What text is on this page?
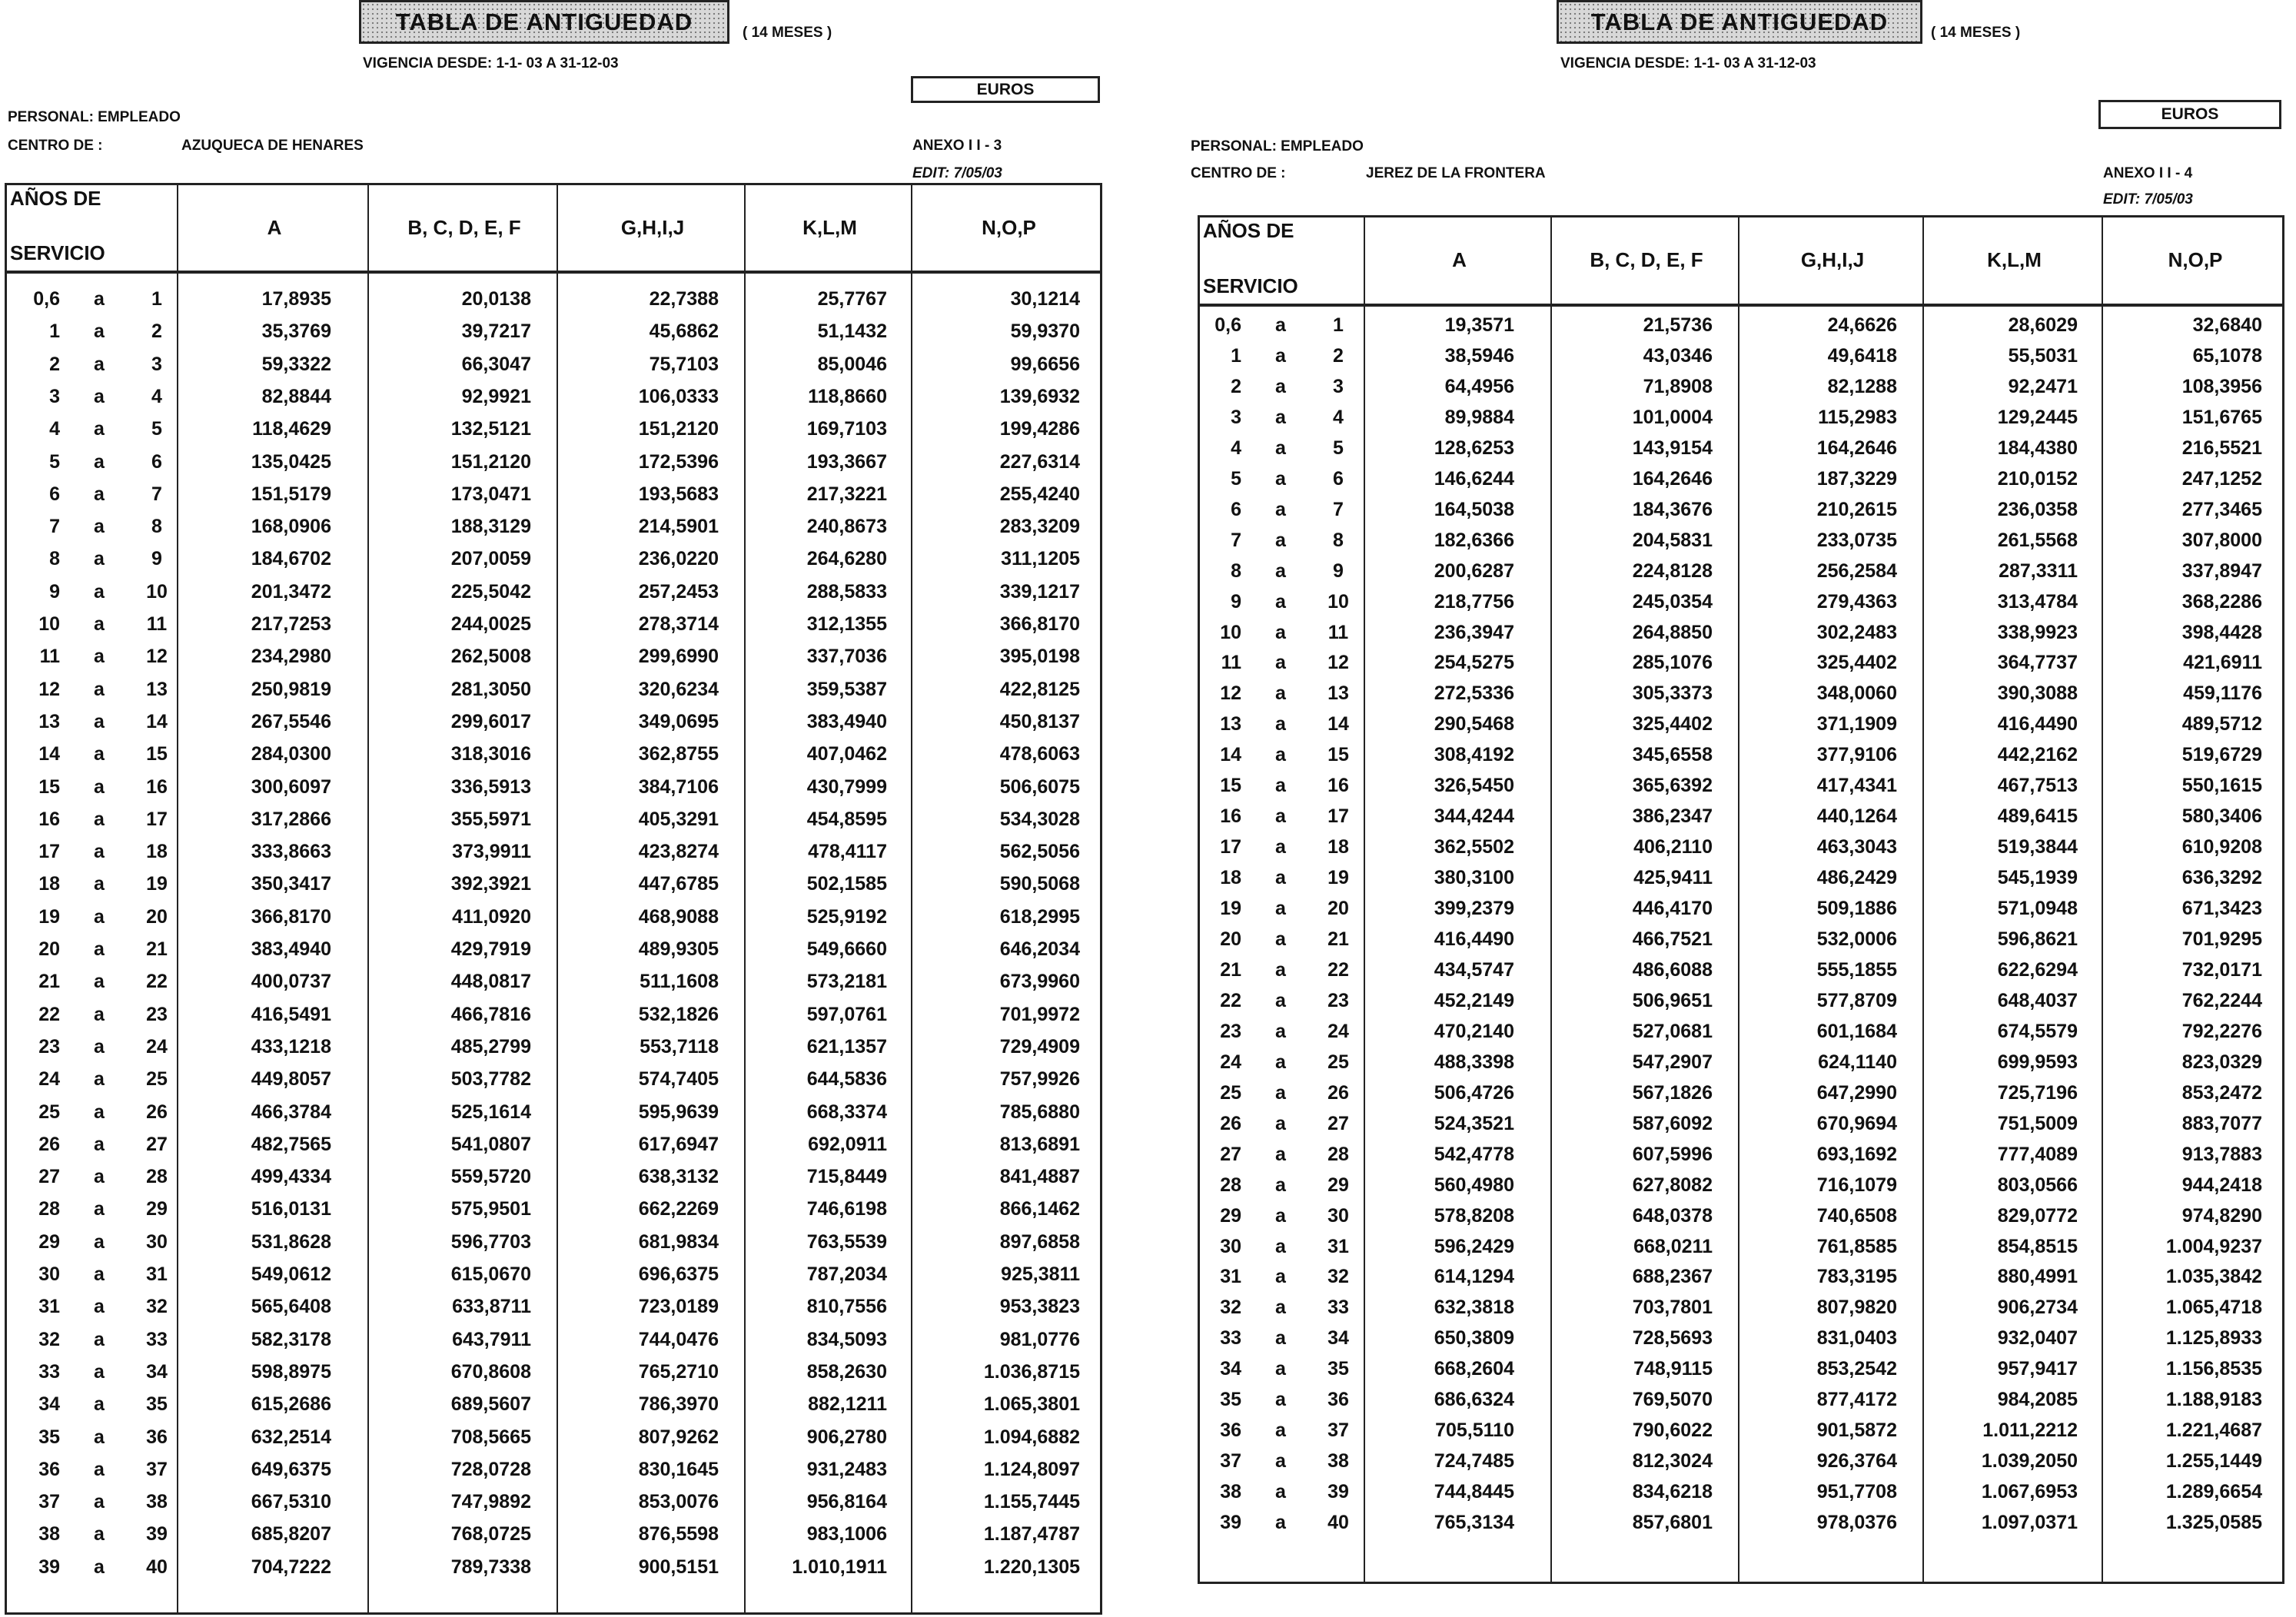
TABLA DE ANTIGUEDAD	( 14 MESES )
VIGENCIA DESDE: 1-1- 03 A 31-12-03
EUROS
PERSONAL: EMPLEADO
CENTRO DE :	AZUQUECA DE HENARES	ANEXO I I - 3
EDIT: 7/05/03
AÑOS DE
SERVICIO
A	B, C, D, E, F	G,H,I,J	K,L,M	N,O,P
0,6 a	1	17,8935	20,0138	22,7388	25,7767	30,1214
1 a	2	35,3769	39,7217	45,6862	51,1432	59,9370
2 a	3	59,3322	66,3047	75,7103	85,0046	99,6656
3 a	4	82,8844	92,9921	106,0333	118,8660	139,6932
4 a	5	118,4629	132,5121	151,2120	169,7103	199,4286
5 a	6	135,0425	151,2120	172,5396	193,3667	227,6314
6 a	7	151,5179	173,0471	193,5683	217,3221	255,4240
7 a	8	168,0906	188,3129	214,5901	240,8673	283,3209
8 a	9	184,6702	207,0059	236,0220	264,6280	311,1205
9 a 10	201,3472	225,5042	257,2453	288,5833	339,1217
10 a 11	217,7253	244,0025	278,3714	312,1355	366,8170
11 a 12	234,2980	262,5008	299,6990	337,7036	395,0198
12 a 13	250,9819	281,3050	320,6234	359,5387	422,8125
13 a 14	267,5546	299,6017	349,0695	383,4940	450,8137
14 a 15	284,0300	318,3016	362,8755	407,0462	478,6063
15 a 16	300,6097	336,5913	384,7106	430,7999	506,6075
16 a 17	317,2866	355,5971	405,3291	454,8595	534,3028
17 a 18	333,8663	373,9911	423,8274	478,4117	562,5056
18 a 19	350,3417	392,3921	447,6785	502,1585	590,5068
19 a 20	366,8170	411,0920	468,9088	525,9192	618,2995
20 a 21	383,4940	429,7919	489,9305	549,6660	646,2034
21 a 22	400,0737	448,0817	511,1608	573,2181	673,9960
22 a 23	416,5491	466,7816	532,1826	597,0761	701,9972
23 a 24	433,1218	485,2799	553,7118	621,1357	729,4909
24 a 25	449,8057	503,7782	574,7405	644,5836	757,9926
25 a 26	466,3784	525,1614	595,9639	668,3374	785,6880
26 a 27	482,7565	541,0807	617,6947	692,0911	813,6891
27 a 28	499,4334	559,5720	638,3132	715,8449	841,4887
28 a 29	516,0131	575,9501	662,2269	746,6198	866,1462
29 a 30	531,8628	596,7703	681,9834	763,5539	897,6858
30 a 31	549,0612	615,0670	696,6375	787,2034	925,3811
31 a 32	565,6408	633,8711	723,0189	810,7556	953,3823
32 a 33	582,3178	643,7911	744,0476	834,5093	981,0776
33 a 34	598,8975	670,8608	765,2710	858,2630	1.036,8715
34 a 35	615,2686	689,5607	786,3970	882,1211	1.065,3801
35 a 36	632,2514	708,5665	807,9262	906,2780	1.094,6882
36 a 37	649,6375	728,0728	830,1645	931,2483	1.124,8097
37 a 38	667,5310	747,9892	853,0076	956,8164	1.155,7445
38 a 39	685,8207	768,0725	876,5598	983,1006	1.187,4787
39 a 40	704,7222	789,7338	900,5151	1.010,1911	1.220,1305
TABLA DE ANTIGUEDAD	( 14 MESES )
VIGENCIA DESDE: 1-1- 03 A 31-12-03
EUROS
PERSONAL: EMPLEADO
CENTRO DE :	JEREZ DE LA FRONTERA	ANEXO I I - 4
EDIT: 7/05/03
AÑOS DE
SERVICIO
A	B, C, D, E, F	G,H,I,J	K,L,M	N,O,P
0,6 a	1	19,3571	21,5736	24,6626	28,6029	32,6840
1 a	2	38,5946	43,0346	49,6418	55,5031	65,1078
2 a	3	64,4956	71,8908	82,1288	92,2471	108,3956
3 a	4	89,9884	101,0004	115,2983	129,2445	151,6765
4 a	5	128,6253	143,9154	164,2646	184,4380	216,5521
5 a	6	146,6244	164,2646	187,3229	210,0152	247,1252
6 a	7	164,5038	184,3676	210,2615	236,0358	277,3465
7 a	8	182,6366	204,5831	233,0735	261,5568	307,8000
8 a	9	200,6287	224,8128	256,2584	287,3311	337,8947
9 a 10	218,7756	245,0354	279,4363	313,4784	368,2286
10 a 11	236,3947	264,8850	302,2483	338,9923	398,4428
11 a 12	254,5275	285,1076	325,4402	364,7737	421,6911
12 a 13	272,5336	305,3373	348,0060	390,3088	459,1176
13 a 14	290,5468	325,4402	371,1909	416,4490	489,5712
14 a 15	308,4192	345,6558	377,9106	442,2162	519,6729
15 a 16	326,5450	365,6392	417,4341	467,7513	550,1615
16 a 17	344,4244	386,2347	440,1264	489,6415	580,3406
17 a 18	362,5502	406,2110	463,3043	519,3844	610,9208
18 a 19	380,3100	425,9411	486,2429	545,1939	636,3292
19 a 20	399,2379	446,4170	509,1886	571,0948	671,3423
20 a 21	416,4490	466,7521	532,0006	596,8621	701,9295
21 a 22	434,5747	486,6088	555,1855	622,6294	732,0171
22 a 23	452,2149	506,9651	577,8709	648,4037	762,2244
23 a 24	470,2140	527,0681	601,1684	674,5579	792,2276
24 a 25	488,3398	547,2907	624,1140	699,9593	823,0329
25 a 26	506,4726	567,1826	647,2990	725,7196	853,2472
26 a 27	524,3521	587,6092	670,9694	751,5009	883,7077
27 a 28	542,4778	607,5996	693,1692	777,4089	913,7883
28 a 29	560,4980	627,8082	716,1079	803,0566	944,2418
29 a 30	578,8208	648,0378	740,6508	829,0772	974,8290
30 a 31	596,2429	668,0211	761,8585	854,8515	1.004,9237
31 a 32	614,1294	688,2367	783,3195	880,4991	1.035,3842
32 a 33	632,3818	703,7801	807,9820	906,2734	1.065,4718
33 a 34	650,3809	728,5693	831,0403	932,0407	1.125,8933
34 a 35	668,2604	748,9115	853,2542	957,9417	1.156,8535
35 a 36	686,6324	769,5070	877,4172	984,2085	1.188,9183
36 a 37	705,5110	790,6022	901,5872	1.011,2212	1.221,4687
37 a 38	724,7485	812,3024	926,3764	1.039,2050	1.255,1449
38 a 39	744,8445	834,6218	951,7708	1.067,6953	1.289,6654
39 a 40	765,3134	857,6801	978,0376	1.097,0371	1.325,0585
